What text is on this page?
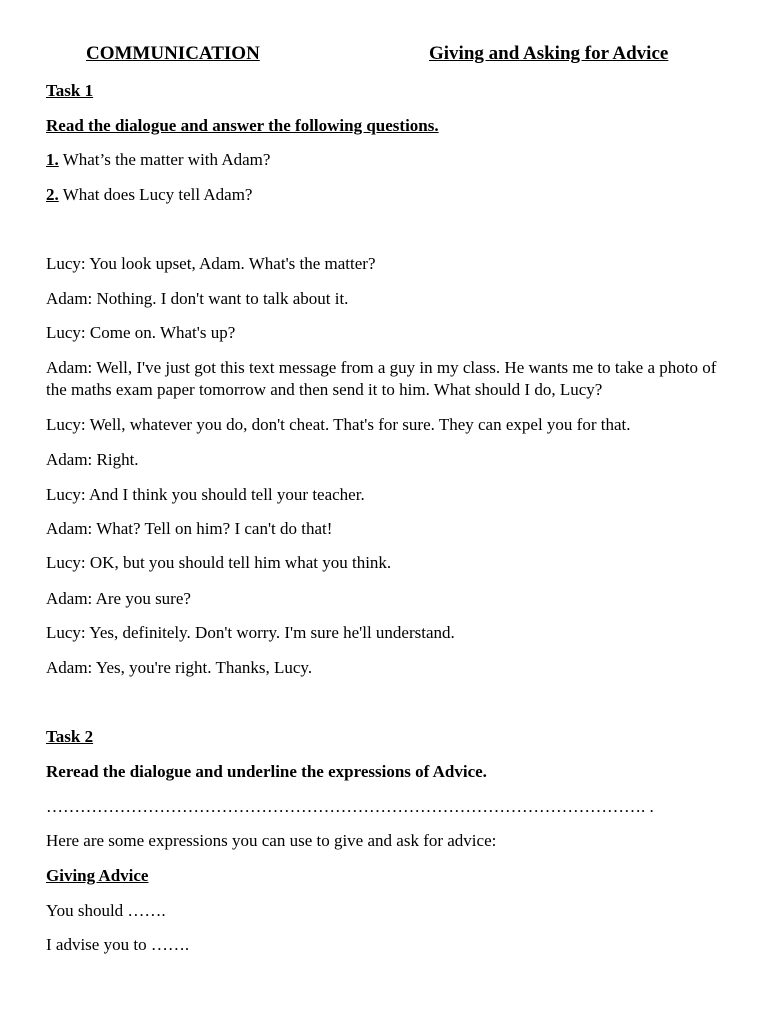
COMMUNICATION	Giving and Asking for Advice
Task 1
Read the dialogue and answer the following questions.
1. What’s the matter with Adam?
2. What does Lucy tell Adam?
Lucy: You look upset, Adam. What's the matter?
Adam: Nothing. I don't want to talk about it.
Lucy: Come on. What's up?
Adam: Well, I've just got this text message from a guy in my class. He wants me to take a photo of the maths exam paper tomorrow and then send it to him. What should I do, Lucy?
Lucy: Well, whatever you do, don't cheat. That's for sure. They can expel you for that.
Adam: Right.
Lucy: And I think you should tell your teacher.
Adam: What? Tell on him? I can't do that!
Lucy: OK, but you should tell him what you think.
Adam: Are you sure?
Lucy: Yes, definitely. Don't worry. I'm sure he'll understand.
Adam: Yes, you're right. Thanks, Lucy.
Task 2
Reread the dialogue and underline the expressions of Advice.
……………………………………………………………………………………………. .
Here are some expressions you can use to give and ask for advice:
Giving Advice
You should …….
I advise you to …….
